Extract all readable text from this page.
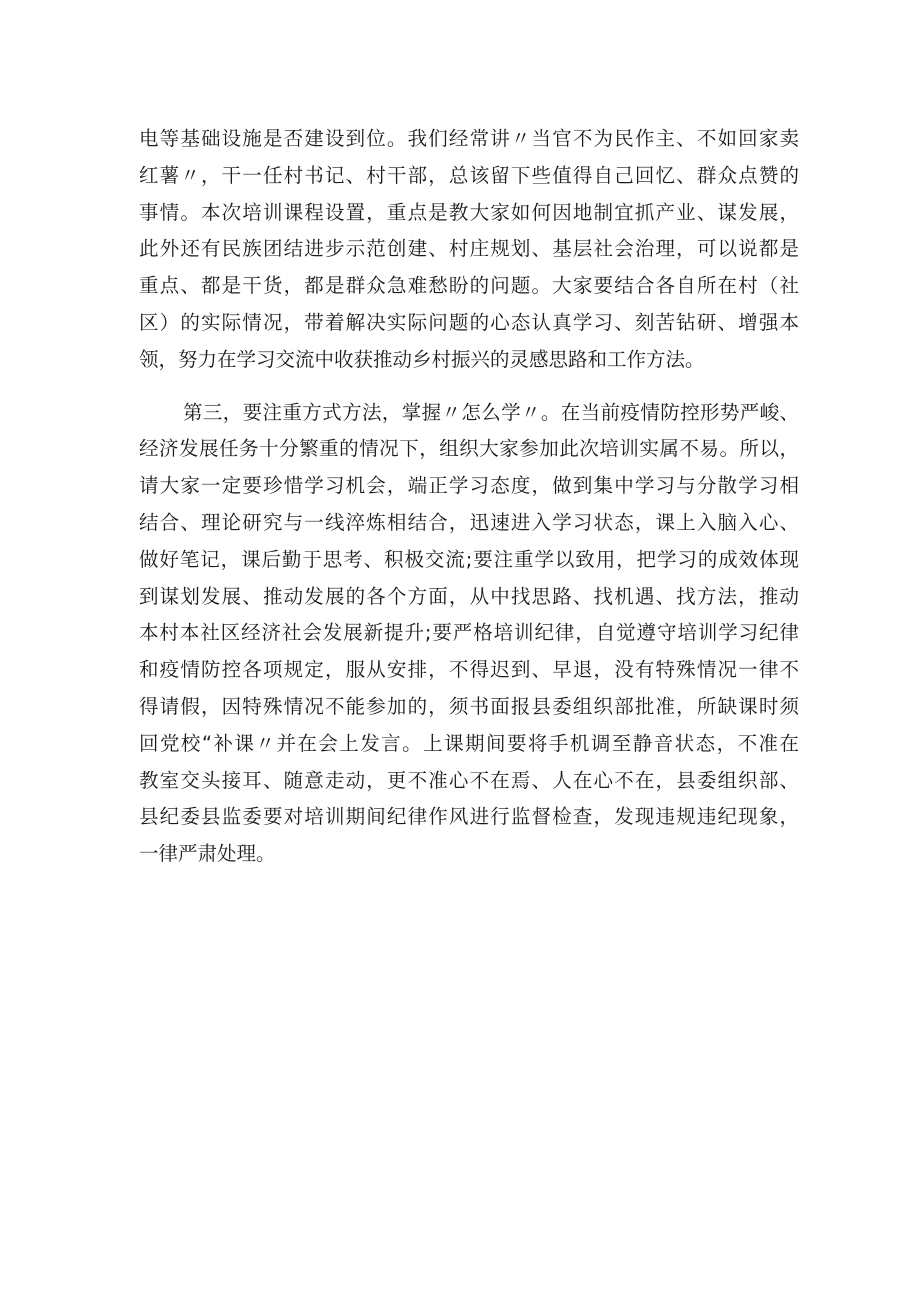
电等基础设施是否建设到位。我们经常讲〃当官不为民作主、不如回家卖
红薯〃，干一任村书记、村干部，总该留下些值得自己回忆、群众点赞的
事情。本次培训课程设置，重点是教大家如何因地制宜抓产业、谋发展，
此外还有民族团结进步示范创建、村庄规划、基层社会治理，可以说都是
重点、都是干货，都是群众急难愁盼的问题。大家要结合各自所在村（社
区）的实际情况，带着解决实际问题的心态认真学习、刻苦钻研、增强本
领，努力在学习交流中收获推动乡村振兴的灵感思路和工作方法。
第三，要注重方式方法，掌握〃怎么学〃。在当前疫情防控形势严峻、
经济发展任务十分繁重的情况下，组织大家参加此次培训实属不易。所以，
请大家一定要珍惜学习机会，端正学习态度，做到集中学习与分散学习相
结合、理论研究与一线淬炼相结合，迅速进入学习状态，课上入脑入心、
做好笔记，课后勤于思考、积极交流;要注重学以致用，把学习的成效体现
到谋划发展、推动发展的各个方面，从中找思路、找机遇、找方法，推动
本村本社区经济社会发展新提升;要严格培训纪律，自觉遵守培训学习纪律
和疫情防控各项规定，服从安排，不得迟到、早退，没有特殊情况一律不
得请假，因特殊情况不能参加的，须书面报县委组织部批准，所缺课时须
回党校“补课〃并在会上发言。上课期间要将手机调至静音状态，不准在
教室交头接耳、随意走动，更不准心不在焉、人在心不在，县委组织部、
县纪委县监委要对培训期间纪律作风进行监督检查，发现违规违纪现象，
一律严肃处理。
